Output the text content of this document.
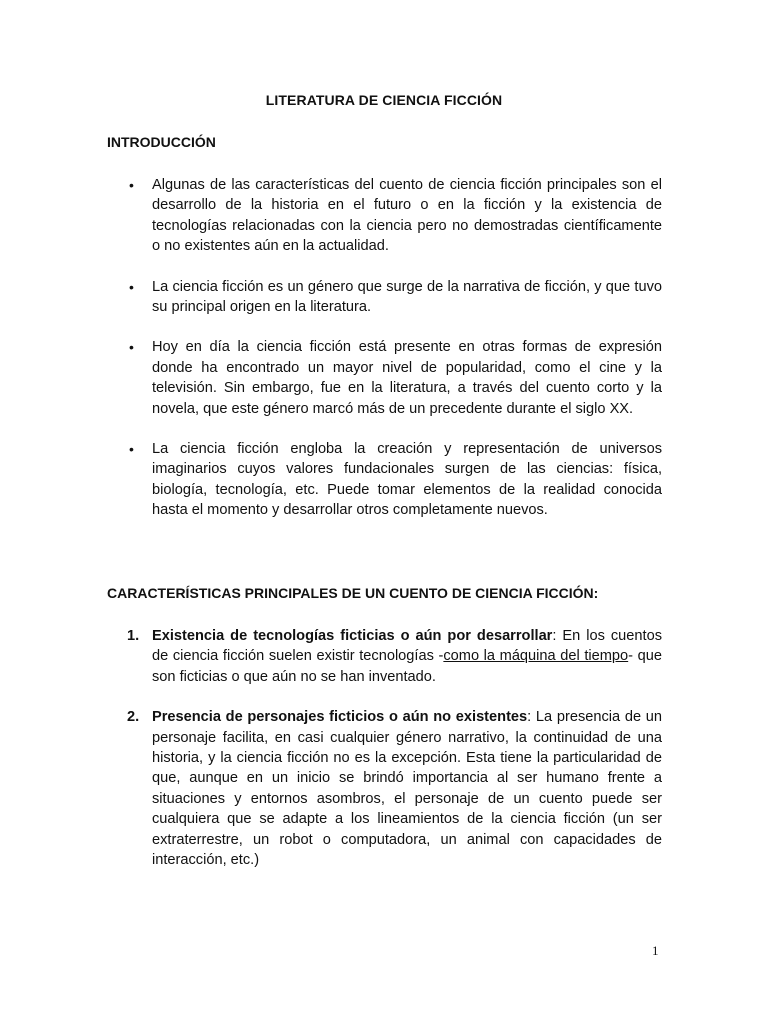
LITERATURA DE CIENCIA FICCIÓN
INTRODUCCIÓN
• Algunas de las características del cuento de ciencia ficción principales son el desarrollo de la historia en el futuro o en la ficción y la existencia de tecnologías relacionadas con la ciencia pero no demostradas científicamente o no existentes aún en la actualidad.
• La ciencia ficción es un género que surge de la narrativa de ficción, y que tuvo su principal origen en la literatura.
• Hoy en día la ciencia ficción está presente en otras formas de expresión donde ha encontrado un mayor nivel de popularidad, como el cine y la televisión. Sin embargo, fue en la literatura, a través del cuento corto y la novela, que este género marcó más de un precedente durante el siglo XX.
• La ciencia ficción engloba la creación y representación de universos imaginarios cuyos valores fundacionales surgen de las ciencias: física, biología, tecnología, etc. Puede tomar elementos de la realidad conocida hasta el momento y desarrollar otros completamente nuevos.
CARACTERÍSTICAS PRINCIPALES DE UN CUENTO DE CIENCIA FICCIÓN:
1. Existencia de tecnologías ficticias o aún por desarrollar: En los cuentos de ciencia ficción suelen existir tecnologías -como la máquina del tiempo- que son ficticias o que aún no se han inventado.
2. Presencia de personajes ficticios o aún no existentes: La presencia de un personaje facilita, en casi cualquier género narrativo, la continuidad de una historia, y la ciencia ficción no es la excepción. Esta tiene la particularidad de que, aunque en un inicio se brindó importancia al ser humano frente a situaciones y entornos asombros, el personaje de un cuento puede ser cualquiera que se adapte a los lineamientos de la ciencia ficción (un ser extraterrestre, un robot o computadora, un animal con capacidades de interacción, etc.)
1
